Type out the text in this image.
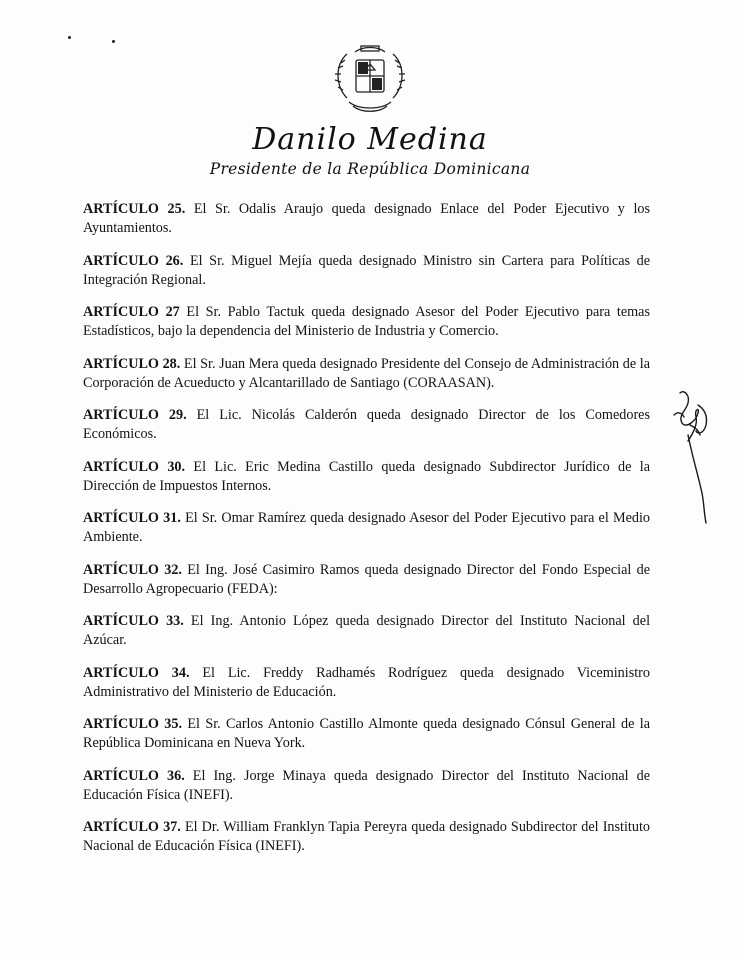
Danilo Medina
Presidente de la República Dominicana
ARTÍCULO 25. El Sr. Odalis Araujo queda designado Enlace del Poder Ejecutivo y los Ayuntamientos.
ARTÍCULO 26. El Sr. Miguel Mejía queda designado Ministro sin Cartera para Políticas de Integración Regional.
ARTÍCULO 27 El Sr. Pablo Tactuk queda designado Asesor del Poder Ejecutivo para temas Estadísticos, bajo la dependencia del Ministerio de Industria y Comercio.
ARTÍCULO 28. El Sr. Juan Mera queda designado Presidente del Consejo de Administración de la Corporación de Acueducto y Alcantarillado de Santiago (CORAASAN).
ARTÍCULO 29. El Lic. Nicolás Calderón queda designado Director de los Comedores Económicos.
ARTÍCULO 30. El Lic. Eric Medina Castillo queda designado Subdirector Jurídico de la Dirección de Impuestos Internos.
ARTÍCULO 31. El Sr. Omar Ramírez queda designado Asesor del Poder Ejecutivo para el Medio Ambiente.
ARTÍCULO 32. El Ing. José Casimiro Ramos queda designado Director del Fondo Especial de Desarrollo Agropecuario (FEDA):
ARTÍCULO 33. El Ing. Antonio López queda designado Director del Instituto Nacional del Azúcar.
ARTÍCULO 34. El Lic. Freddy Radhamés Rodríguez queda designado Viceministro Administrativo del Ministerio de Educación.
ARTÍCULO 35. El Sr. Carlos Antonio Castillo Almonte queda designado Cónsul General de la República Dominicana en Nueva York.
ARTÍCULO 36. El Ing. Jorge Minaya queda designado Director del Instituto Nacional de Educación Física (INEFI).
ARTÍCULO 37. El Dr. William Franklyn Tapia Pereyra queda designado Subdirector del Instituto Nacional de Educación Física (INEFI).
